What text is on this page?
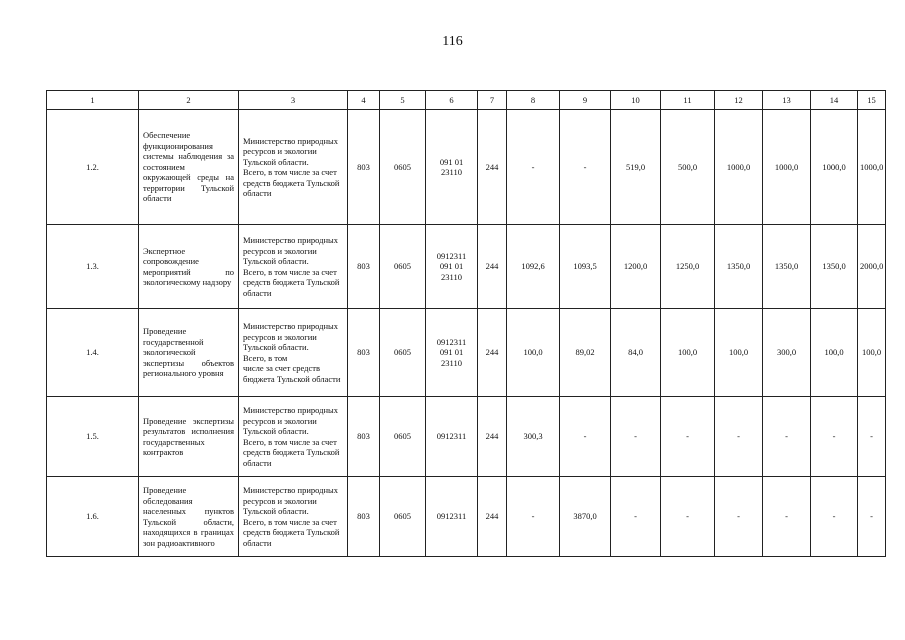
116
1	2	3	4	5	6	7	8	9	10	11	12	13	14	15
1.2.	Обеспечение функционирования системы наблюдения за состоянием окружающей среды на территории Тульской области	Министерство природных ресурсов и экологии Тульской области.
Всего, в том числе за счет средств бюджета Тульской области	803	0605	091 01
23110	244	-	-	519,0	500,0	1000,0	1000,0	1000,0	1000,0
1.3.	Экспертное сопровождение мероприятий по экологическому надзору	Министерство природных ресурсов и экологии Тульской области.
Всего, в том числе за счет средств бюджета Тульской области	803	0605	0912311
091 01
23110	244	1092,6	1093,5	1200,0	1250,0	1350,0	1350,0	1350,0	2000,0
1.4.	Проведение государственной экологической экспертизы объектов регионального уровня	Министерство природных ресурсов и экологии Тульской области.
Всего, в том
числе за счет средств бюджета Тульской области	803	0605	0912311
091 01
23110	244	100,0	89,02	84,0	100,0	100,0	300,0	100,0	100,0
1.5.	Проведение экспертизы результатов исполнения государственных контрактов	Министерство природных ресурсов и экологии Тульской области.
Всего, в том числе за счет средств бюджета Тульской области	803	0605	0912311	244	300,3	-	-	-	-	-	-	-
1.6.	Проведение обследования населенных пунктов Тульской области, находящихся в границах зон радиоактивного	Министерство природных ресурсов и экологии Тульской области.
Всего, в том числе за счет средств бюджета Тульской области	803	0605	0912311	244	-	3870,0	-	-	-	-	-	-
